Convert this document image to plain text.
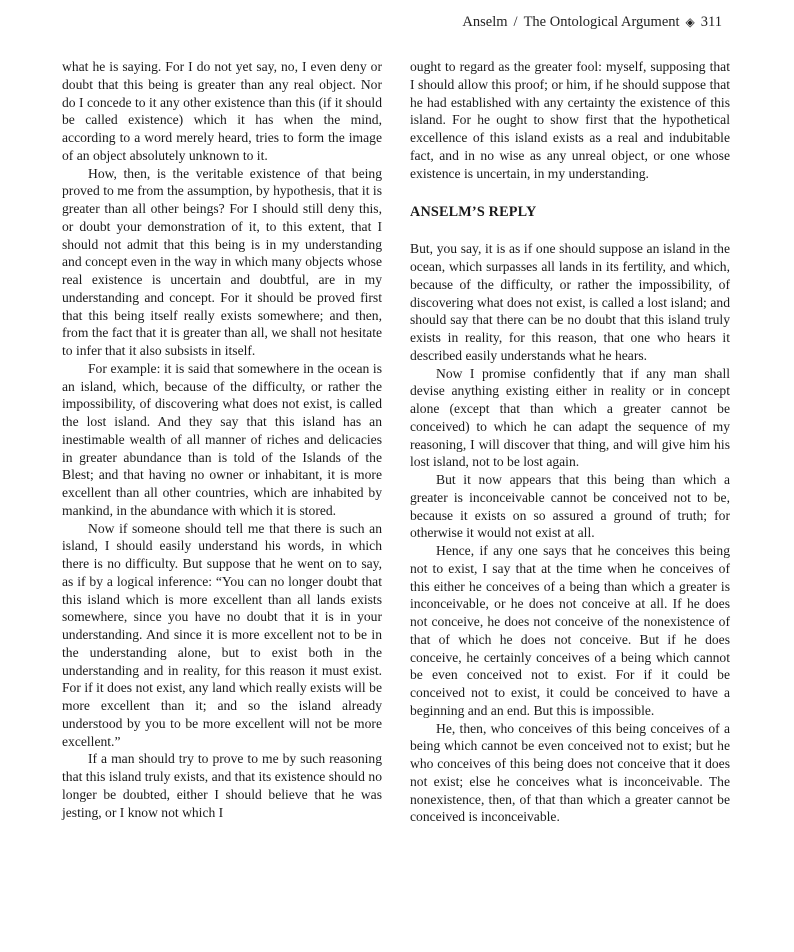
Anselm / The Ontological Argument ◈ 311

what he is saying. For I do not yet say, no, I even deny or doubt that this being is greater than any real object. Nor do I concede to it any other existence than this (if it should be called existence) which it has when the mind, according to a word merely heard, tries to form the image of an object absolutely unknown to it.

How, then, is the veritable existence of that being proved to me from the assumption, by hypothesis, that it is greater than all other beings? For I should still deny this, or doubt your demonstration of it, to this extent, that I should not admit that this being is in my understanding and concept even in the way in which many objects whose real existence is uncertain and doubtful, are in my understanding and concept. For it should be proved first that this being itself really exists somewhere; and then, from the fact that it is greater than all, we shall not hesitate to infer that it also subsists in itself.

For example: it is said that somewhere in the ocean is an island, which, because of the difficulty, or rather the impossibility, of discovering what does not exist, is called the lost island. And they say that this island has an inestimable wealth of all manner of riches and delicacies in greater abundance than is told of the Islands of the Blest; and that having no owner or inhabitant, it is more excellent than all other countries, which are inhabited by mankind, in the abundance with which it is stored.

Now if someone should tell me that there is such an island, I should easily understand his words, in which there is no difficulty. But suppose that he went on to say, as if by a logical inference: “You can no longer doubt that this island which is more excellent than all lands exists somewhere, since you have no doubt that it is in your understanding. And since it is more excellent not to be in the understanding alone, but to exist both in the understanding and in reality, for this reason it must exist. For if it does not exist, any land which really exists will be more excellent than it; and so the island already understood by you to be more excellent will not be more excellent.”

If a man should try to prove to me by such reasoning that this island truly exists, and that its existence should no longer be doubted, either I should believe that he was jesting, or I know not which I

ought to regard as the greater fool: myself, supposing that I should allow this proof; or him, if he should suppose that he had established with any certainty the existence of this island. For he ought to show first that the hypothetical excellence of this island exists as a real and indubitable fact, and in no wise as any unreal object, or one whose existence is uncertain, in my understanding.

ANSELM’S REPLY

But, you say, it is as if one should suppose an island in the ocean, which surpasses all lands in its fertility, and which, because of the difficulty, or rather the impossibility, of discovering what does not exist, is called a lost island; and should say that there can be no doubt that this island truly exists in reality, for this reason, that one who hears it described easily understands what he hears.

Now I promise confidently that if any man shall devise anything existing either in reality or in concept alone (except that than which a greater cannot be conceived) to which he can adapt the sequence of my reasoning, I will discover that thing, and will give him his lost island, not to be lost again.

But it now appears that this being than which a greater is inconceivable cannot be conceived not to be, because it exists on so assured a ground of truth; for otherwise it would not exist at all.

Hence, if any one says that he conceives this being not to exist, I say that at the time when he conceives of this either he conceives of a being than which a greater is inconceivable, or he does not conceive at all. If he does not conceive, he does not conceive of the nonexistence of that of which he does not conceive. But if he does conceive, he certainly conceives of a being which cannot be even conceived not to exist. For if it could be conceived not to exist, it could be conceived to have a beginning and an end. But this is impossible.

He, then, who conceives of this being conceives of a being which cannot be even conceived not to exist; but he who conceives of this being does not conceive that it does not exist; else he conceives what is inconceivable. The nonexistence, then, of that than which a greater cannot be conceived is inconceivable.
